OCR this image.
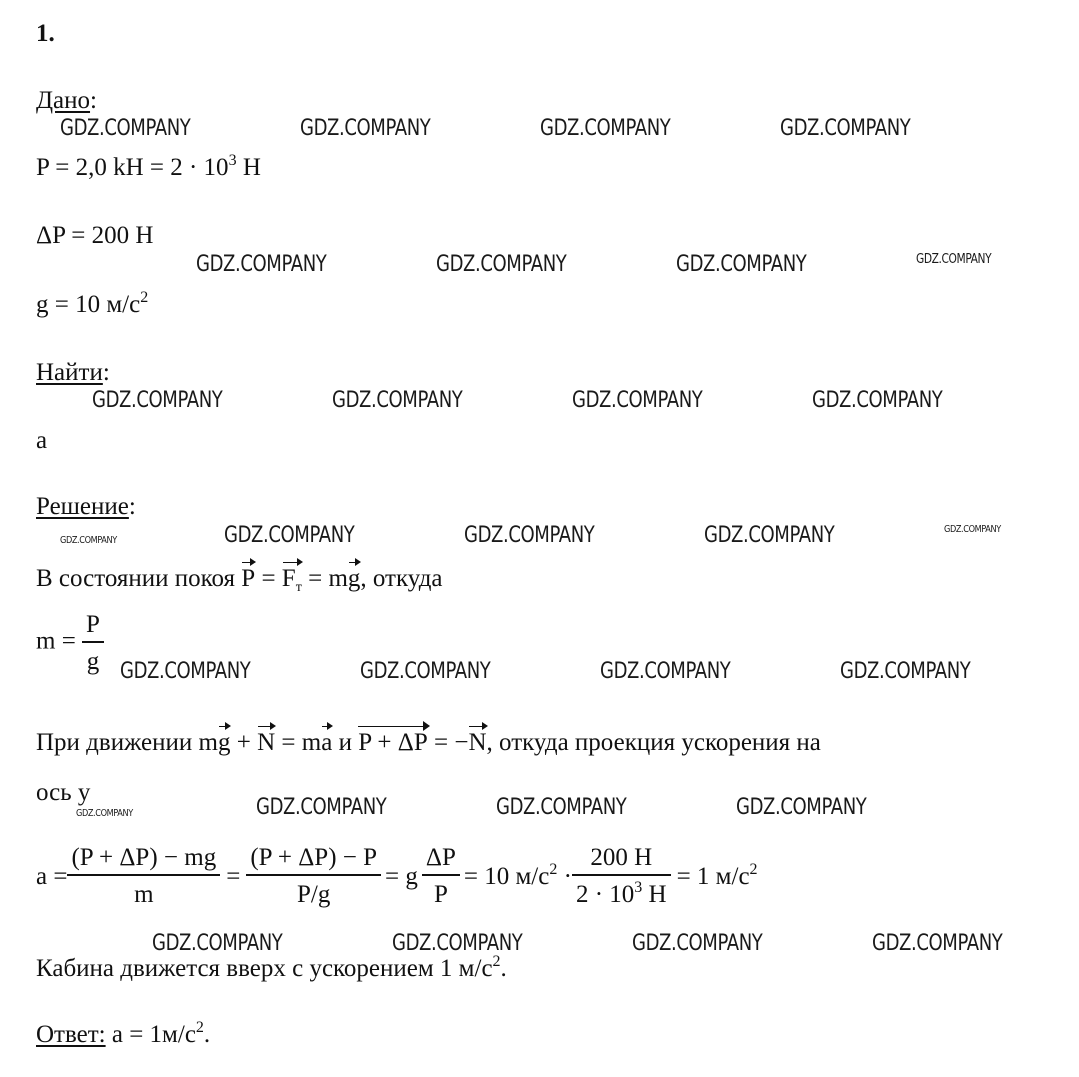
1.
Дано:
P = 2,0 kH = $2 \cdot 10^3$ H
ΔP = 200 H
g = 10 $м/c^2$
Найти:
a
Решение:
В состоянии покоя $P = F_т$ = mg, откуда
$m = \frac{P}{g}$
При движении mg + N = ma и P + ΔP = −N, откуда проекция ускорения на
ось y
$a = \frac{(P + \Delta P) - mg}{m} = \frac{(P + \Delta P) - P}{P/g} = g \frac{\Delta P}{P} = 10$ $м/c^2 \cdot \frac{200 H}{2 \cdot 10^3 H} = 1$ $м/c^2$
Кабина движется вверх с ускорением 1 $м/c^2$.
Ответ: $a = 1м/c^2$.
GDZ.COMPANY	GDZ.COMPANY	GDZ.COMPANY	GDZ.COMPANY
GDZ.COMPANY	GDZ.COMPANY	GDZ.COMPANY	GDZ.COMPANY
GDZ.COMPANY	GDZ.COMPANY	GDZ.COMPANY	GDZ.COMPANY
GDZ.COMPANY	GDZ.COMPANY	GDZ.COMPANY	GDZ.COMPANY	GDZ.COMPANY
GDZ.COMPANY	GDZ.COMPANY	GDZ.COMPANY	GDZ.COMPANY
GDZ.COMPANY	GDZ.COMPANY	GDZ.COMPANY	GDZ.COMPANY
GDZ.COMPANY	GDZ.COMPANY	GDZ.COMPANY	GDZ.COMPANY
